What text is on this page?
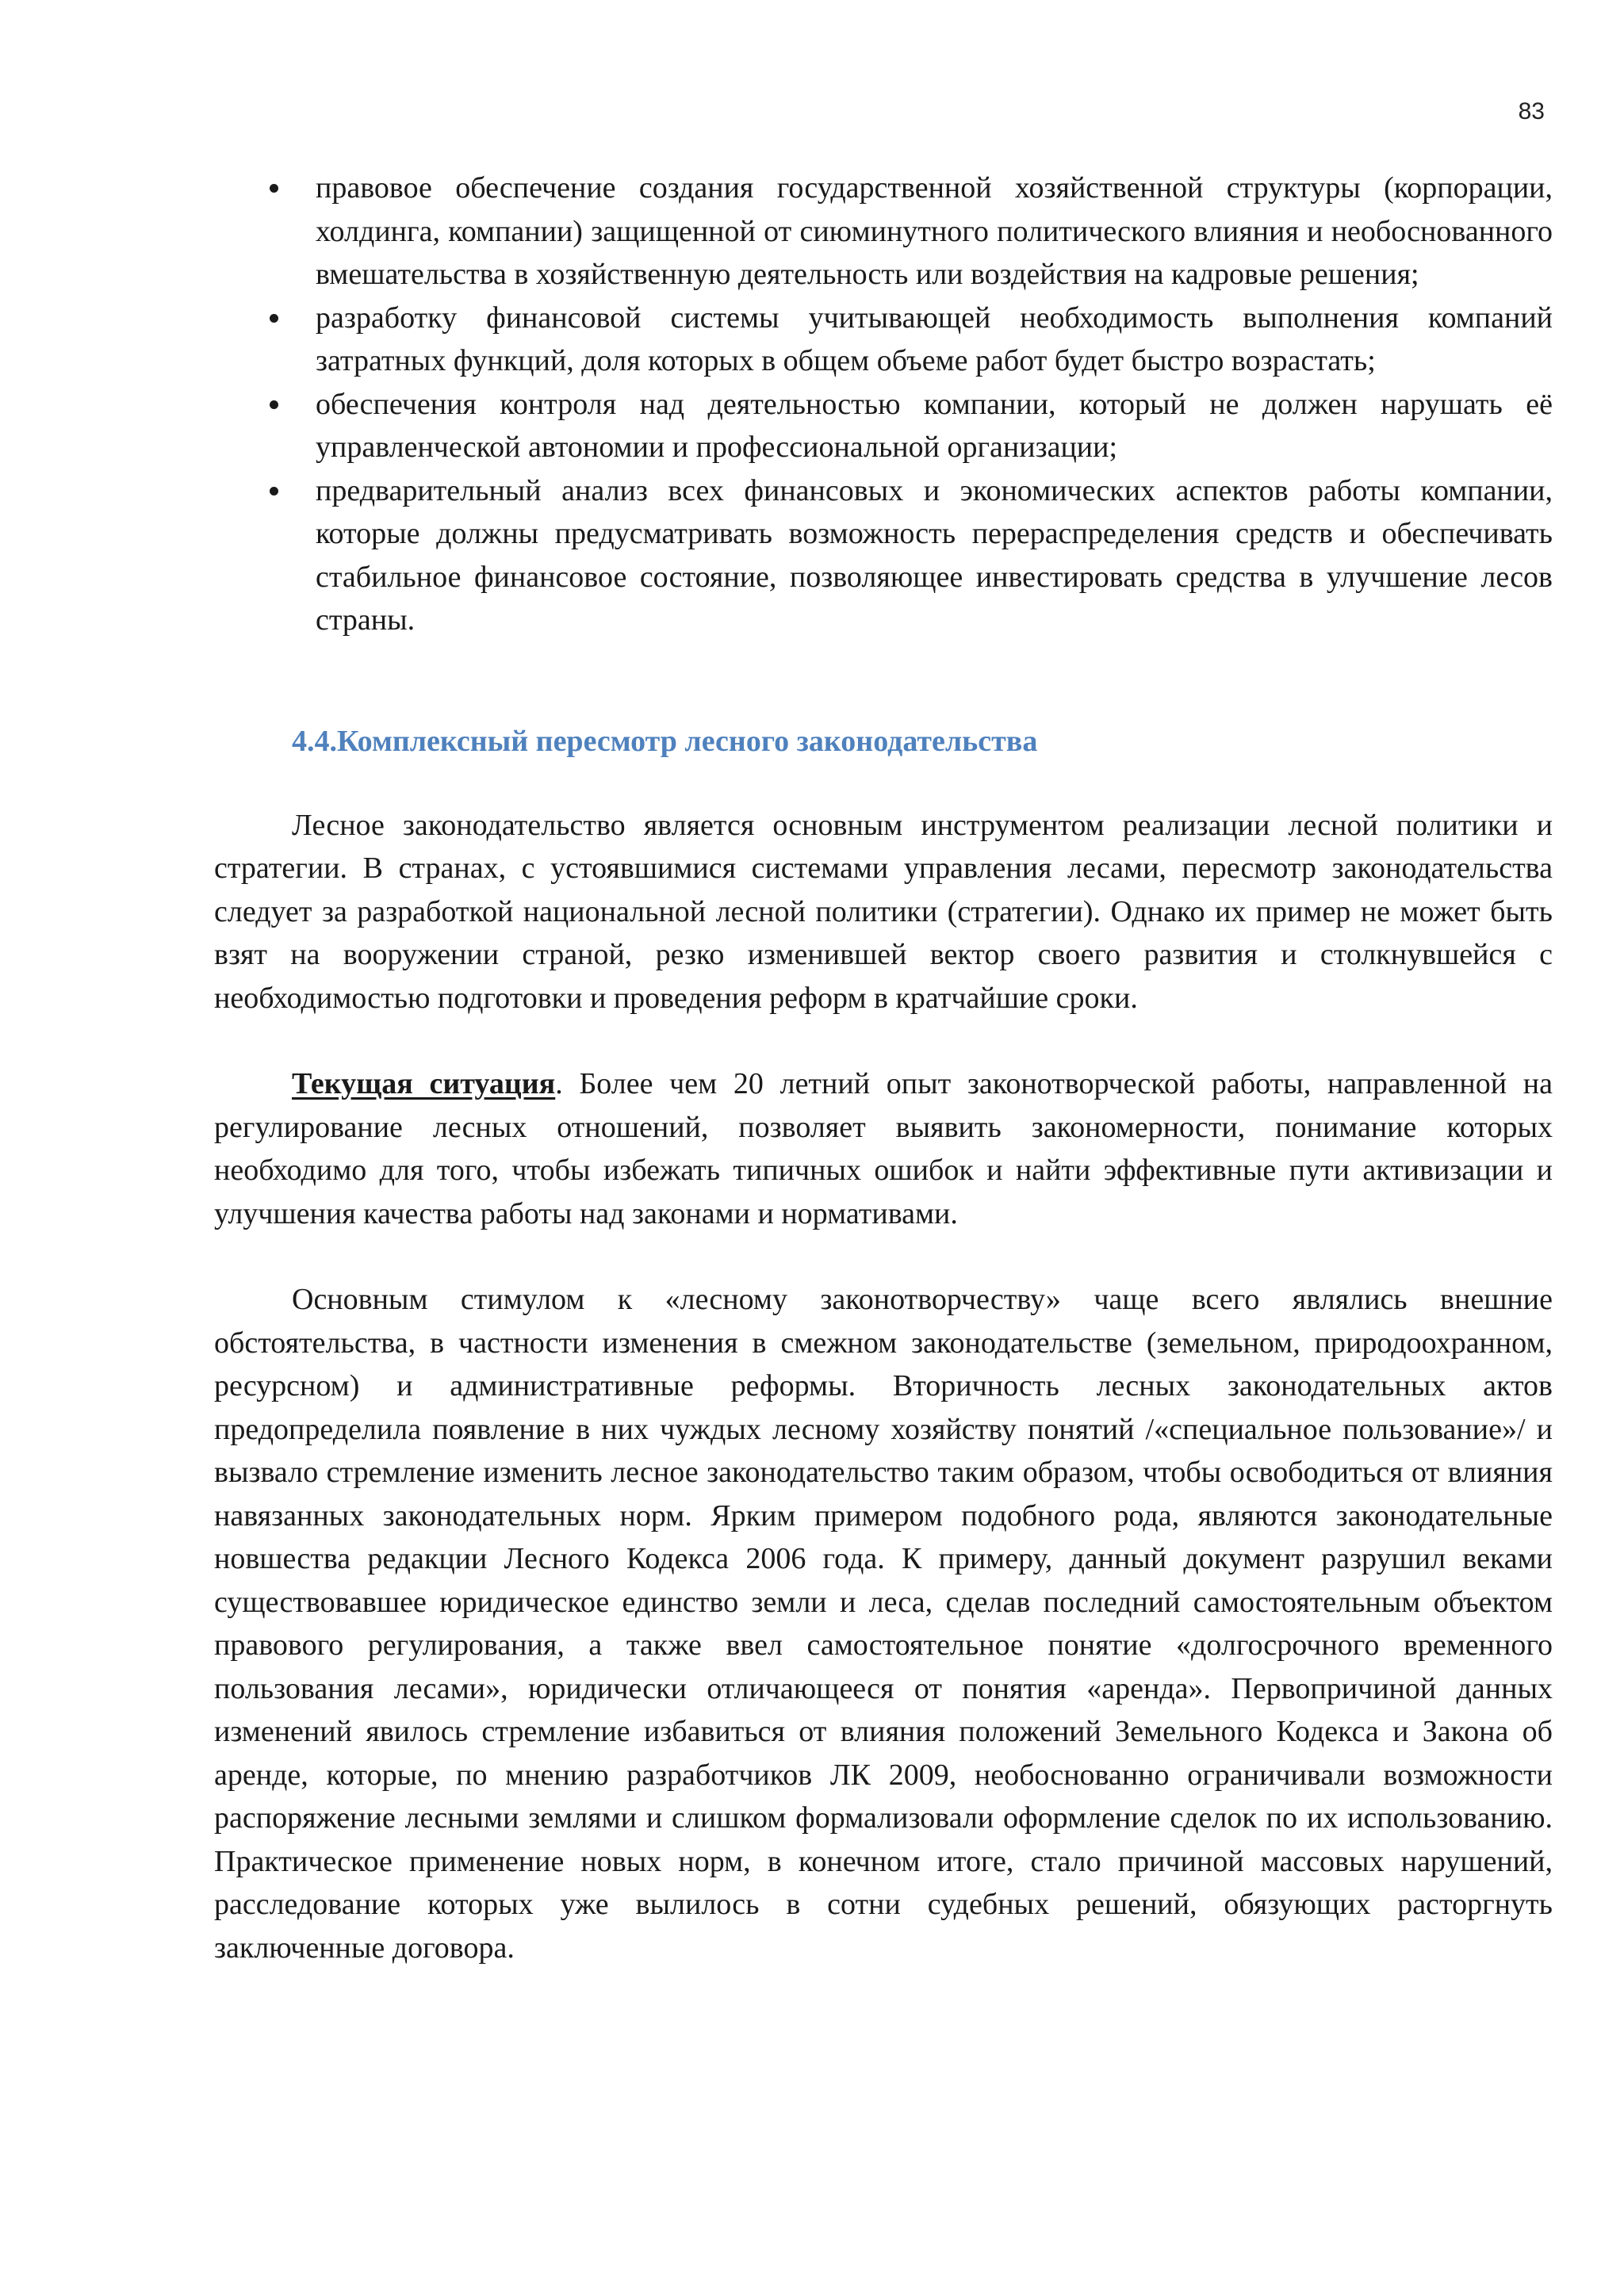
83
правовое обеспечение создания государственной хозяйственной структуры (корпорации, холдинга, компании) защищенной от сиюминутного политического влияния и необоснованного вмешательства в хозяйственную деятельность или воздействия на кадровые решения;
разработку финансовой системы учитывающей необходимость выполнения компаний затратных функций, доля которых в общем объеме работ будет быстро возрастать;
обеспечения контроля над деятельностью компании, который не должен нарушать её управленческой автономии и профессиональной организации;
предварительный анализ всех финансовых и экономических аспектов работы компании, которые должны предусматривать возможность перераспределения средств и обеспечивать стабильное финансовое состояние, позволяющее инвестировать средства в улучшение лесов страны.
4.4.Комплексный пересмотр лесного законодательства

Лесное законодательство является основным инструментом реализации лесной политики и стратегии. В странах, с устоявшимися системами управления лесами, пересмотр законодательства следует за разработкой национальной лесной политики (стратегии). Однако их пример не может быть взят на вооружении страной, резко изменившей вектор своего развития и столкнувшейся с необходимостью подготовки и проведения реформ в кратчайшие сроки.

Текущая ситуация. Более чем 20 летний опыт законотворческой работы, направленной на регулирование лесных отношений, позволяет выявить закономерности, понимание которых необходимо для того, чтобы избежать типичных ошибок и найти эффективные пути активизации и улучшения качества работы над законами и нормативами.

Основным стимулом к «лесному законотворчеству» чаще всего являлись внешние обстоятельства, в частности изменения в смежном законодательстве (земельном, природоохранном, ресурсном) и административные реформы. Вторичность лесных законодательных актов предопределила появление в них чуждых лесному хозяйству понятий /«специальное пользование»/ и вызвало стремление изменить лесное законодательство таким образом, чтобы освободиться от влияния навязанных законодательных норм. Ярким примером подобного рода, являются законодательные новшества редакции Лесного Кодекса 2006 года. К примеру, данный документ разрушил веками существовавшее юридическое единство земли и леса, сделав последний самостоятельным объектом правового регулирования, а также ввел самостоятельное понятие «долгосрочного временного пользования лесами», юридически отличающееся от понятия «аренда». Первопричиной данных изменений явилось стремление избавиться от влияния положений Земельного Кодекса и Закона об аренде, которые, по мнению разработчиков ЛК 2009, необоснованно ограничивали возможности распоряжение лесными землями и слишком формализовали оформление сделок по их использованию. Практическое применение новых норм, в конечном итоге, стало причиной массовых нарушений, расследование которых уже вылилось в сотни судебных решений, обязующих расторгнуть заключенные договора.
